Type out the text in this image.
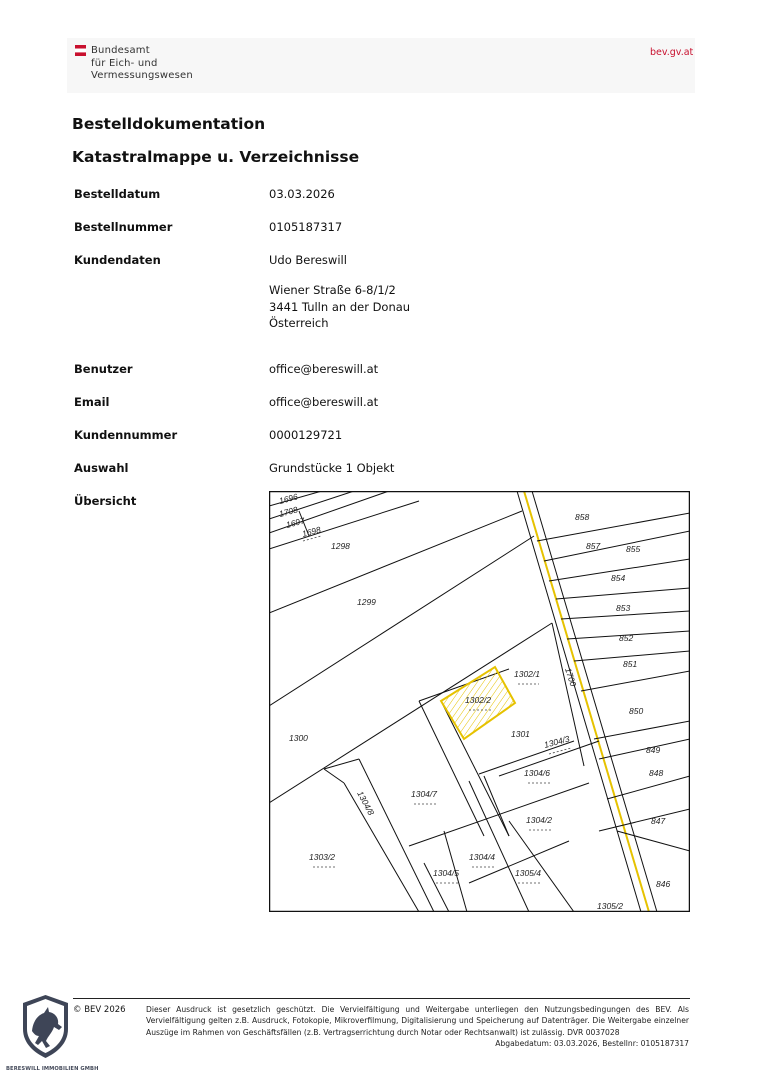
Bundesamt
für Eich- und
Vermessungswesen
bev.gv.at
Bestelldokumentation
Katastralmappe u. Verzeichnisse
Bestelldatum	03.03.2026
Bestellnummer	0105187317
Kundendaten	Udo Bereswill
Wiener Straße 6-8/1/2
3441 Tulln an der Donau
Österreich
Benutzer	office@bereswill.at
Email	office@bereswill.at
Kundennummer	0000129721
Auswahl	Grundstücke 1 Objekt
Übersicht	1696
1708
1697
1698
1298
1299
1300	1301
1302/1
1302/2
1303/2
1304/3
1304/4
1304/5
1304/6
1304/7
1304/2
1304/8
1305/4
1305/2
1700
858
857	855
854
853
852
851
850
849
848
847
846
© BEV 2026	Dieser Ausdruck ist gesetzlich geschützt. Die Vervielfältigung und Weitergabe unterliegen den Nutzungsbedingungen des BEV. Als Vervielfältigung gelten z.B. Ausdruck, Fotokopie, Mikroverfilmung, Digitalisierung und Speicherung auf Datenträger. Die Weitergabe einzelner Auszüge im Rahmen von Geschäftsfällen (z.B. Vertragserrichtung durch Notar oder Rechtsanwalt) ist zulässig. DVR 0037028
Abgabedatum: 03.03.2026, Bestellnr: 0105187317
BERESWILL IMMOBILIEN GMBH
